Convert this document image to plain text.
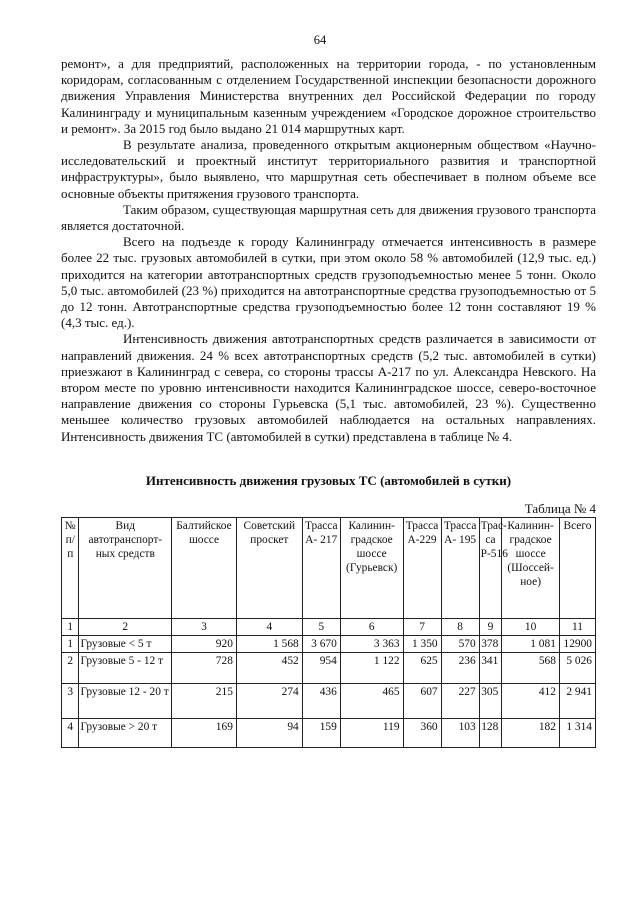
64

ремонт», а для предприятий, расположенных на территории города, - по установленным коридорам, согласованным с отделением Государственной инспекции безопасности дорожного движения Управления Министерства внутренних дел Российской Федерации по городу Калининграду и муниципальным казенным учреждением «Городское дорожное строительство и ремонт». За 2015 год было выдано 21 014 маршрутных карт.

В результате анализа, проведенного открытым акционерным обществом «Научно-исследовательский и проектный институт территориального развития и транспортной инфраструктуры», было выявлено, что маршрутная сеть обеспечивает в полном объеме все основные объекты притяжения грузового транспорта.

Таким образом, существующая маршрутная сеть для движения грузового транспорта является достаточной.

Всего на подъезде к городу Калининграду отмечается интенсивность в размере более 22 тыс. грузовых автомобилей в сутки, при этом около 58 % автомобилей (12,9 тыс. ед.) приходится на категории автотранспортных средств грузоподъемностью менее 5 тонн. Около 5,0 тыс. автомобилей (23 %) приходится на автотранспортные средства грузоподъемностью от 5 до 12 тонн. Автотранспортные средства грузоподъемностью более 12 тонн составляют 19 % (4,3 тыс. ед.).

Интенсивность движения автотранспортных средств различается в зависимости от направлений движения. 24 % всех автотранспортных средств (5,2 тыс. автомобилей в сутки) приезжают в Калининград с севера, со стороны трассы А-217 по ул. Александра Невского. На втором месте по уровню интенсивности находится Калининградское шоссе, северо-восточное направление движения со стороны Гурьевска (5,1 тыс. автомобилей, 23 %). Существенно меньшее количество грузовых автомобилей наблюдается на остальных направлениях. Интенсивность движения ТС (автомобилей в сутки) представлена в таблице № 4.

Интенсивность движения грузовых ТС (автомобилей в сутки)
Таблица № 4
№ п/п	Вид автотранспорт-ных средств	Балтийское шоссе	Советский проскет	Трасса А- 217	Калинин-градское шоссе (Гурьевск)	Трасса А-229	Трасса А- 195	Трас-са Р-516	Калинин-градское шоссе (Шоссей-ное)	Всего
1	2	3	4	5	6	7	8	9	10	11
1	Грузовые < 5 т	920	1 568	3 670	3 363	1 350	570	378	1 081	12900
2	Грузовые 5 - 12 т	728	452	954	1 122	625	236	341	568	5 026
3	Грузовые 12 - 20 т	215	274	436	465	607	227	305	412	2 941
4	Грузовые > 20 т	169	94	159	119	360	103	128	182	1 314
